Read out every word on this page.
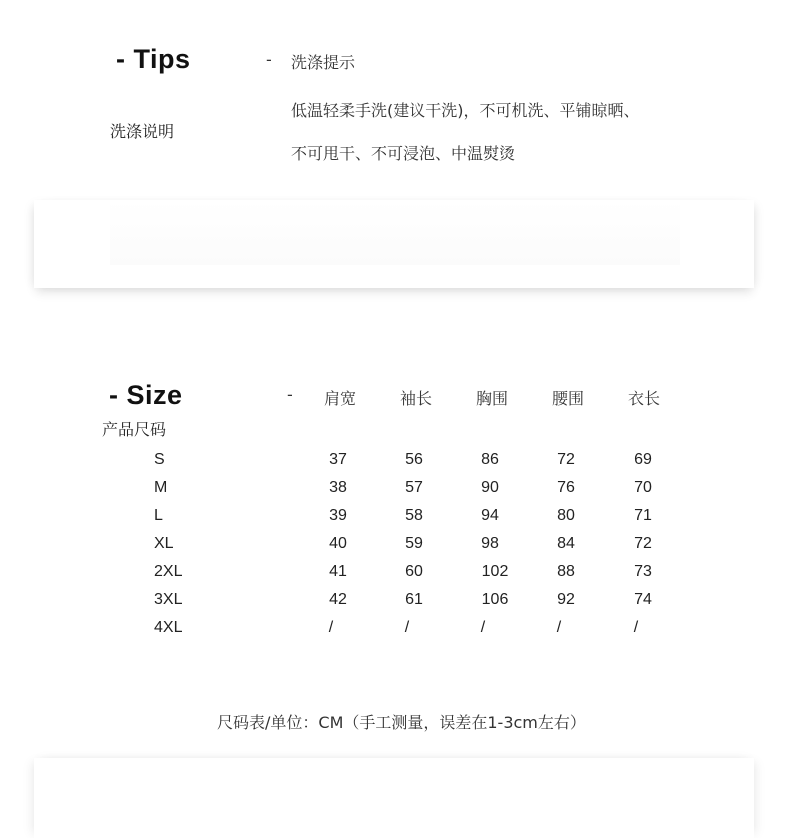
- Tips	- 洗涤提示
洗涤说明
低温轻柔手洗(建议干洗)，不可机洗、平铺晾晒、
不可甩干、不可浸泡、中温熨烫
- Size	-
产品尺码
肩宽	袖长	胸围	腰围	衣长
S	37	56	86	72	69
M	38	57	90	76	70
L	39	58	94	80	71
XL	40	59	98	84	72
2XL	41	60	102	88	73
3XL	42	61	106	92	74
4XL	/	/	/	/	/
尺码表/单位：CM（手工测量，误差在1-3cm左右）
